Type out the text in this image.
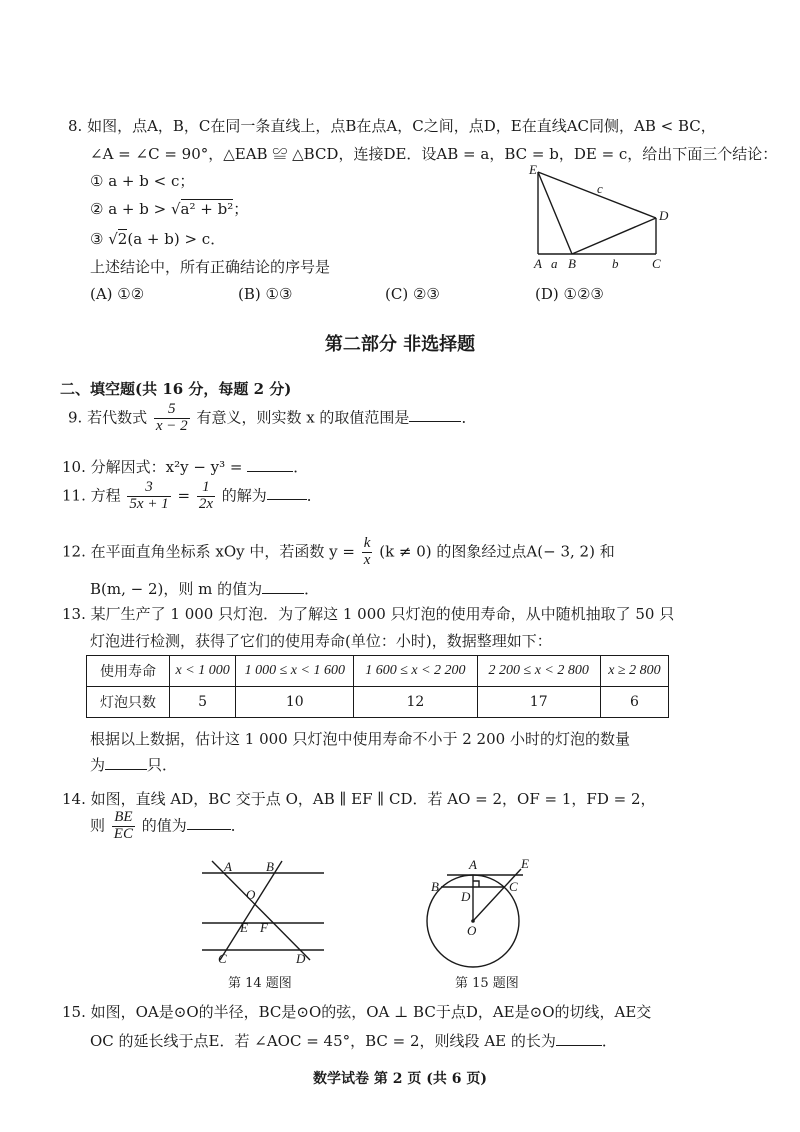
8. 如图，点A，B，C在同一条直线上，点B在点A，C之间，点D，E在直线AC同侧，AB < BC，
∠A = ∠C = 90°，△EAB ≌ △BCD，连接DE．设AB = a，BC = b，DE = c，给出下面三个结论：
① a + b < c；
② a + b > √a² + b²；
③ √2(a + b) > c．
上述结论中，所有正确结论的序号是
(A) ①②	(B) ①③	(C) ②③	(D) ①②③
E
c
D
A a B	b	C
第二部分 非选择题
二、填空题(共 16 分，每题 2 分)
9. 若代数式 $\frac{5}{x - 2}$ 有意义，则实数 x 的取值范围是	．
10. 分解因式：x²y − y³ =	．
11. 方程 $\frac{3}{5x + 1} = \frac{1}{2x}$ 的解为	．
12. 在平面直角坐标系 xOy 中，若函数 $y = \frac{k}{x} (k \ne 0)$ 的图象经过点A(− 3, 2) 和
B(m, − 2)，则 m 的值为	．
13. 某厂生产了 1 000 只灯泡．为了解这 1 000 只灯泡的使用寿命，从中随机抽取了 50 只
灯泡进行检测，获得了它们的使用寿命(单位：小时)，数据整理如下：
使用寿命	x < 1 000	1 000 ≤ x < 1 600	1 600 ≤ x < 2 200	2 200 ≤ x < 2 800	x ≥ 2 800
灯泡只数	5	10	12	17	6
根据以上数据，估计这 1 000 只灯泡中使用寿命不小于 2 200 小时的灯泡的数量
为	只．
14. 如图，直线 AD，BC 交于点 O，AB ∥ EF ∥ CD．若 AO = 2，OF = 1，FD = 2，
则 $\frac{BE}{EC}$ 的值为	．
A	B
O
E F
C	D
第 14 题图
A	E
B	C
D
O
第 15 题图
15. 如图，OA是⊙O的半径，BC是⊙O的弦，OA ⊥ BC于点D，AE是⊙O的切线，AE交
OC 的延长线于点E．若 ∠AOC = 45°，BC = 2，则线段 AE 的长为	．
数学试卷 第 2 页 (共 6 页)
